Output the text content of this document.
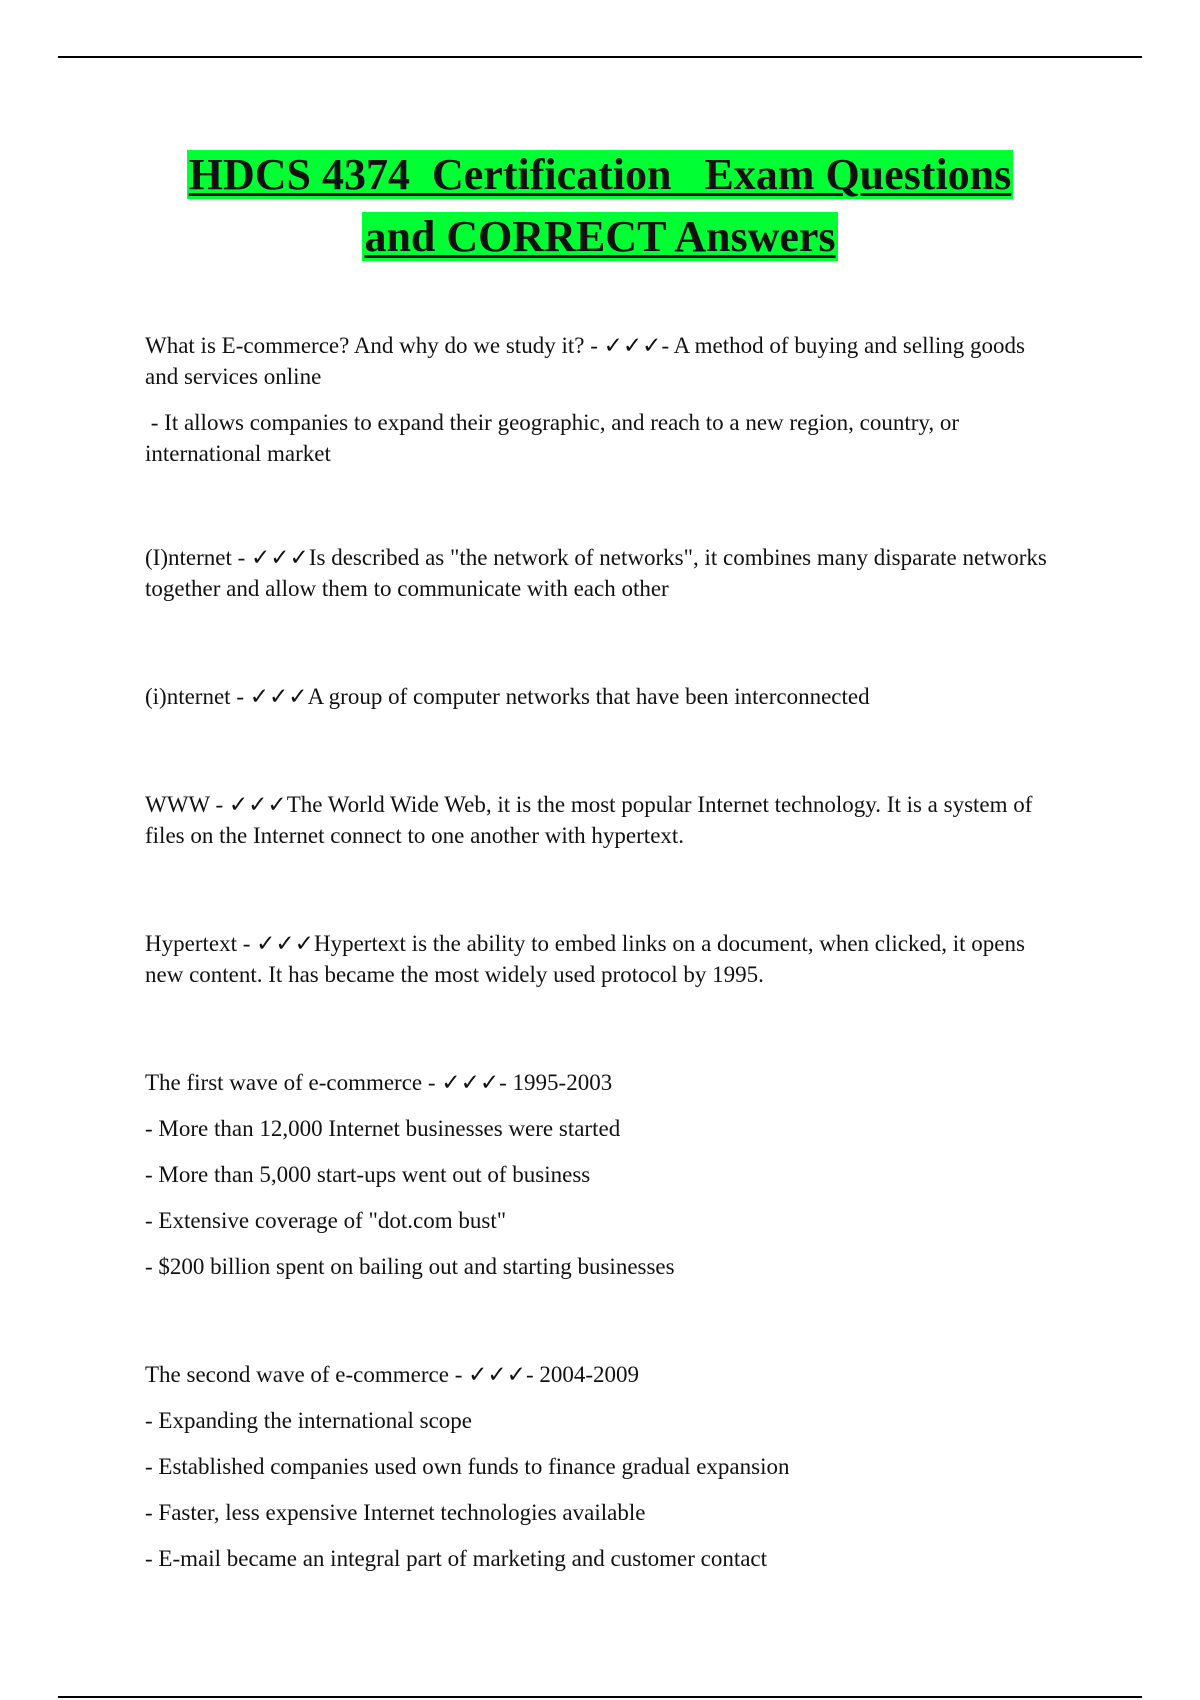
HDCS 4374  Certification   Exam Questions
and CORRECT Answers

What is E-commerce? And why do we study it? - ✓✓✓- A method of buying and selling goods and services online

- It allows companies to expand their geographic, and reach to a new region, country, or international market

(I)nternet - ✓✓✓Is described as "the network of networks", it combines many disparate networks together and allow them to communicate with each other

(i)nternet - ✓✓✓A group of computer networks that have been interconnected

WWW - ✓✓✓The World Wide Web, it is the most popular Internet technology. It is a system of files on the Internet connect to one another with hypertext.

Hypertext - ✓✓✓Hypertext is the ability to embed links on a document, when clicked, it opens new content. It has became the most widely used protocol by 1995.

The first wave of e-commerce - ✓✓✓- 1995-2003

- More than 12,000 Internet businesses were started

- More than 5,000 start-ups went out of business

- Extensive coverage of "dot.com bust"

- $200 billion spent on bailing out and starting businesses

The second wave of e-commerce - ✓✓✓- 2004-2009

- Expanding the international scope

- Established companies used own funds to finance gradual expansion

- Faster, less expensive Internet technologies available

- E-mail became an integral part of marketing and customer contact
